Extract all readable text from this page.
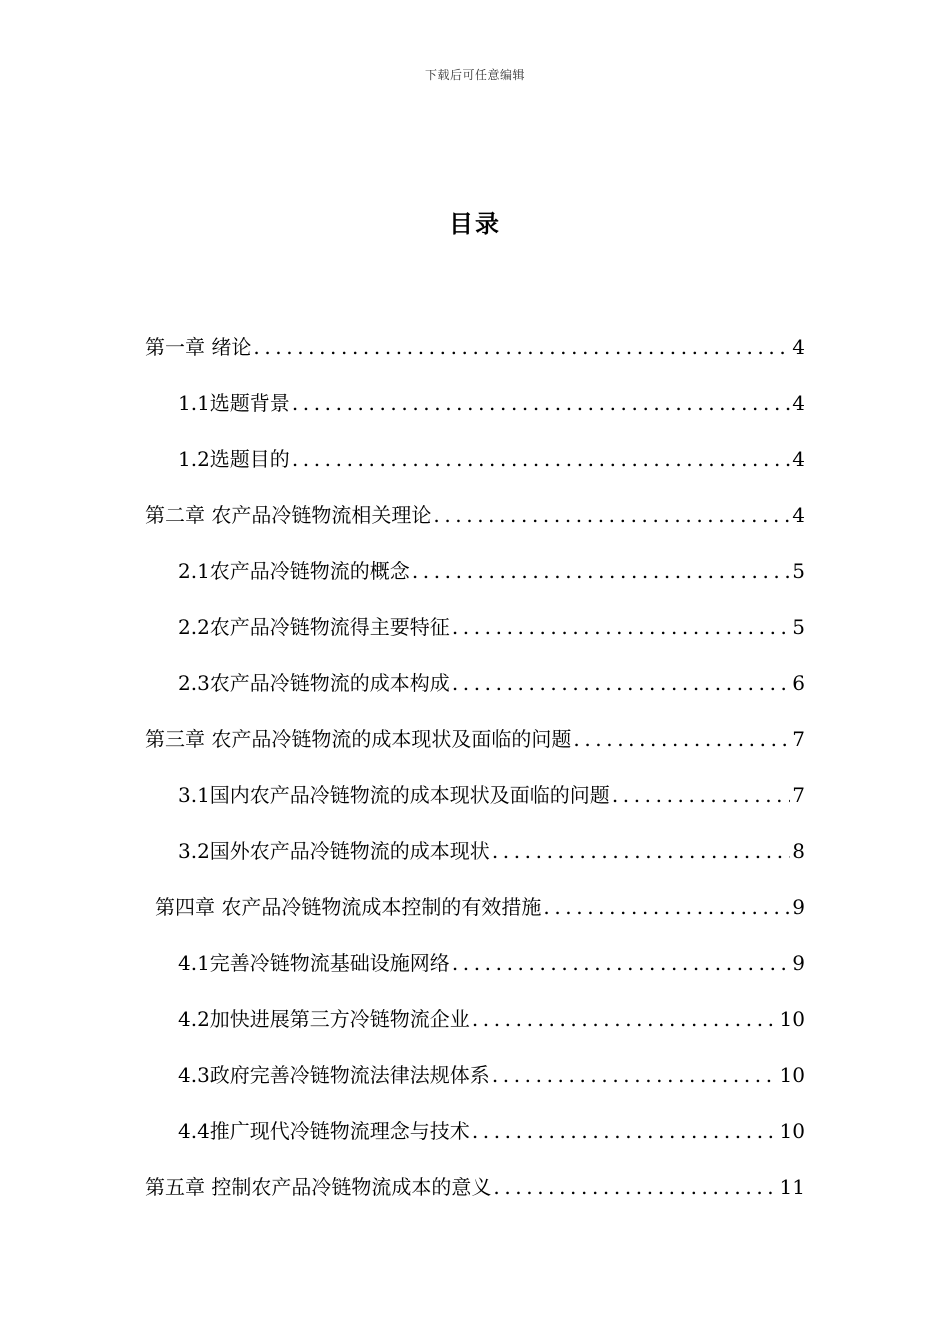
下载后可任意编辑
目录
第一章 绪论 .....	4
1.1选题背景 .....	4
1.2选题目的 .....	4
第二章 农产品冷链物流相关理论 .....	4
2.1农产品冷链物流的概念 .....	5
2.2农产品冷链物流得主要特征 .....	5
2.3农产品冷链物流的成本构成 .....	6
第三章 农产品冷链物流的成本现状及面临的问题 .....	7
3.1国内农产品冷链物流的成本现状及面临的问题 .....	7
3.2国外农产品冷链物流的成本现状 .....	8
第四章 农产品冷链物流成本控制的有效措施 .....	9
4.1完善冷链物流基础设施网络 .....	9
4.2加快进展第三方冷链物流企业 .....	10
4.3政府完善冷链物流法律法规体系 .....	10
4.4推广现代冷链物流理念与技术 .....	10
第五章 控制农产品冷链物流成本的意义 .....	11
